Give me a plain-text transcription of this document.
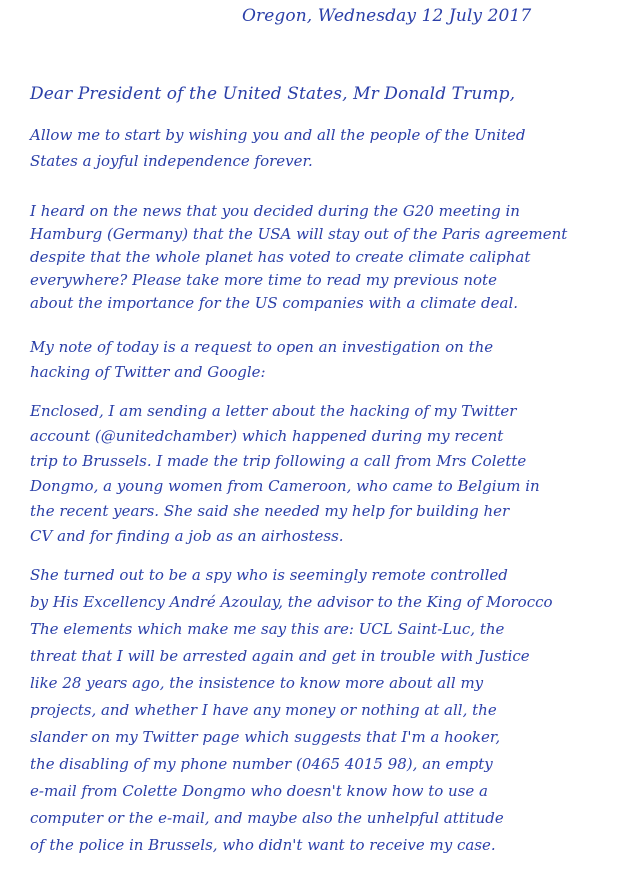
Oregon, Wednesday 12 July 2017
Dear President of the United States, Mr Donald Trump,
Allow me to start by wishing you and all the people of the United
States a joyful independence forever.
I heard on the news that you decided during the G20 meeting in
Hamburg (Germany) that the USA will stay out of the Paris agreement
despite that the whole planet has voted to create climate caliphat
everywhere? Please take more time to read my previous note
about the importance for the US companies with a climate deal.
My note of today is a request to open an investigation on the
hacking of Twitter and Google:
Enclosed, I am sending a letter about the hacking of my Twitter
account (@unitedchamber) which happened during my recent
trip to Brussels. I made the trip following a call from Mrs Colette
Dongmo, a young women from Cameroon, who came to Belgium in
the recent years. She said she needed my help for building her
CV and for finding a job as an airhostess.
She turned out to be a spy who is seemingly remote controlled
by His Excellency André Azoulay, the advisor to the King of Morocco
The elements which make me say this are: UCL Saint-Luc, the
threat that I will be arrested again and get in trouble with Justice
like 28 years ago, the insistence to know more about all my
projects, and whether I have any money or nothing at all, the
slander on my Twitter page which suggests that I'm a hooker,
the disabling of my phone number (0465 4015 98), an empty
e-mail from Colette Dongmo who doesn't know how to use a
computer or the e-mail, and maybe also the unhelpful attitude
of the police in Brussels, who didn't want to receive my case.
